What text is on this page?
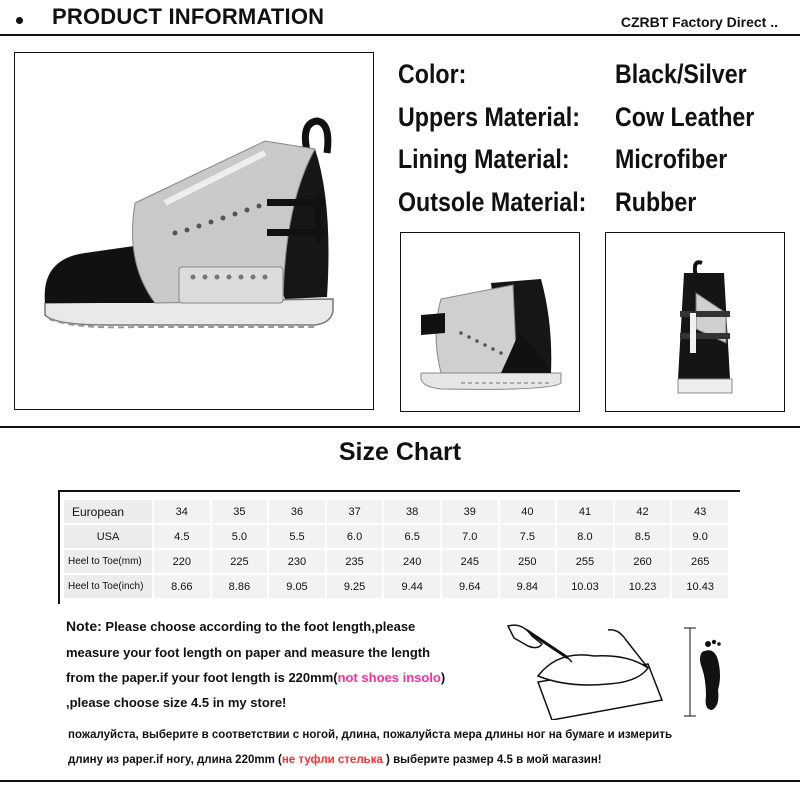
PRODUCT INFORMATION	CZRBT Factory Direct ..
Color:	Black/Silver
Uppers Material: Cow Leather
Lining Material: Microfiber
Outsole Material: Rubber
Size Chart
European	34	35	36	37	38	39	40	41	42	43
USA	4.5	5.0	5.5	6.0	6.5	7.0	7.5	8.0	8.5	9.0
Heel to Toe(mm)	220	225	230	235	240	245	250	255	260	265
Heel to Toe(inch)	8.66	8.86	9.05	9.25	9.44	9.64	9.84	10.03	10.23	10.43
Note: Please choose according to the foot length,please
measure your foot length on paper and measure the length
from the paper.if your foot length is 220mm(not shoes insolo)
,please choose size 4.5 in my store!
пожалуйста, выберите в соответствии с ногой, длина, пожалуйста мера длины ног на бумаге и измерить
длину из paper.if ногу, длина 220mm (не туфли стелька ) выберите размер 4.5 в мой магазин!
